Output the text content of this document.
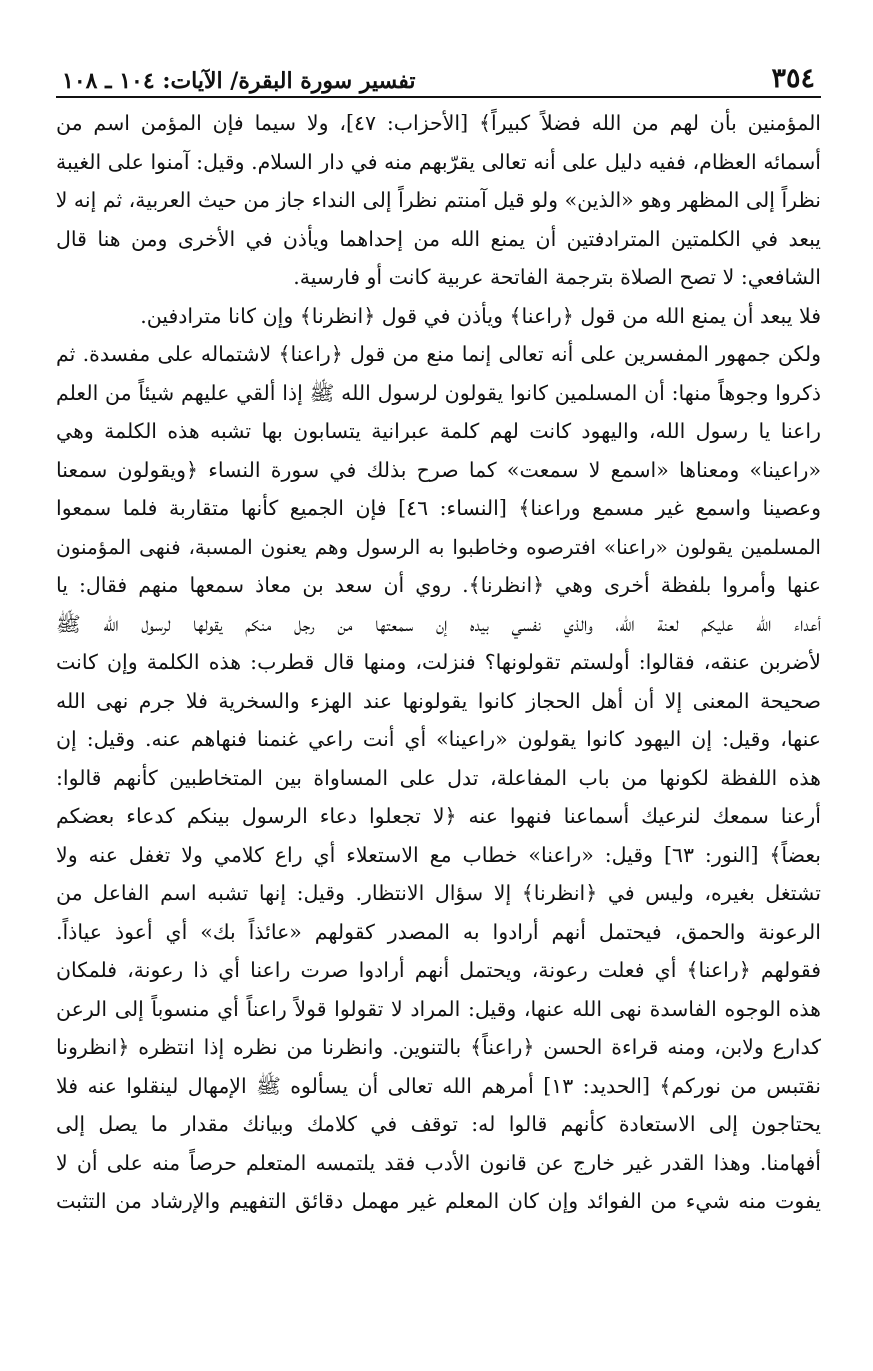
٣٥٤
تفسير سورة البقرة/ الآيات: ١٠٤ ـ ١٠٨
المؤمنين بأن لهم من الله فضلاً كبيراً﴾ [الأحزاب: ٤٧]، ولا سيما فإن المؤمن اسم من
أسمائه العظام، ففيه دليل على أنه تعالى يقرّبهم منه في دار السلام. وقيل: آمنوا على الغيبة
نظراً إلى المظهر وهو «الذين» ولو قيل آمنتم نظراً إلى النداء جاز من حيث العربية، ثم إنه لا
يبعد في الكلمتين المترادفتين أن يمنع الله من إحداهما ويأذن في الأخرى ومن هنا قال
الشافعي: لا تصح الصلاة بترجمة الفاتحة عربية كانت أو فارسية.
فلا يبعد أن يمنع الله من قول ﴿راعنا﴾ ويأذن في قول ﴿انظرنا﴾ وإن كانا مترادفين.
ولكن جمهور المفسرين على أنه تعالى إنما منع من قول ﴿راعنا﴾ لاشتماله على مفسدة. ثم
ذكروا وجوهاً منها: أن المسلمين كانوا يقولون لرسول الله ﷺ إذا ألقي عليهم شيئاً من العلم
راعنا يا رسول الله، واليهود كانت لهم كلمة عبرانية يتسابون بها تشبه هذه الكلمة وهي
«راعينا» ومعناها «اسمع لا سمعت» كما صرح بذلك في سورة النساء ﴿ويقولون سمعنا
وعصينا واسمع غير مسمع وراعنا﴾ [النساء: ٤٦] فإن الجميع كأنها متقاربة فلما سمعوا
المسلمين يقولون «راعنا» افترصوه وخاطبوا به الرسول وهم يعنون المسبة، فنهى المؤمنون
عنها وأمروا بلفظة أخرى وهي ﴿انظرنا﴾. روي أن سعد بن معاذ سمعها منهم فقال: يا
أعداء الله عليكم لعنة الله، والذي نفسي بيده إن سمعتها من رجل منكم يقولها لرسول الله ﷺ
لأضربن عنقه، فقالوا: أولستم تقولونها؟ فنزلت، ومنها قال قطرب: هذه الكلمة وإن كانت
صحيحة المعنى إلا أن أهل الحجاز كانوا يقولونها عند الهزء والسخرية فلا جرم نهى الله
عنها، وقيل: إن اليهود كانوا يقولون «راعينا» أي أنت راعي غنمنا فنهاهم عنه. وقيل: إن
هذه اللفظة لكونها من باب المفاعلة، تدل على المساواة بين المتخاطبين كأنهم قالوا:
أرعنا سمعك لنرعيك أسماعنا فنهوا عنه ﴿لا تجعلوا دعاء الرسول بينكم كدعاء بعضكم
بعضاً﴾ [النور: ٦٣] وقيل: «راعنا» خطاب مع الاستعلاء أي راع كلامي ولا تغفل عنه ولا
تشتغل بغيره، وليس في ﴿انظرنا﴾ إلا سؤال الانتظار. وقيل: إنها تشبه اسم الفاعل من
الرعونة والحمق، فيحتمل أنهم أرادوا به المصدر كقولهم «عائذاً بك» أي أعوذ عياذاً.
فقولهم ﴿راعنا﴾ أي فعلت رعونة، ويحتمل أنهم أرادوا صرت راعنا أي ذا رعونة، فلمكان
هذه الوجوه الفاسدة نهى الله عنها، وقيل: المراد لا تقولوا قولاً راعناً أي منسوباً إلى الرعن
كدارع ولابن، ومنه قراءة الحسن ﴿راعناً﴾ بالتنوين. وانظرنا من نظره إذا انتظره ﴿انظرونا
نقتبس من نوركم﴾ [الحديد: ١٣] أمرهم الله تعالى أن يسألوه ﷺ الإمهال لينقلوا عنه فلا
يحتاجون إلى الاستعادة كأنهم قالوا له: توقف في كلامك وبيانك مقدار ما يصل إلى
أفهامنا. وهذا القدر غير خارج عن قانون الأدب فقد يلتمسه المتعلم حرصاً منه على أن لا
يفوت منه شيء من الفوائد وإن كان المعلم غير مهمل دقائق التفهيم والإرشاد من التثبت
